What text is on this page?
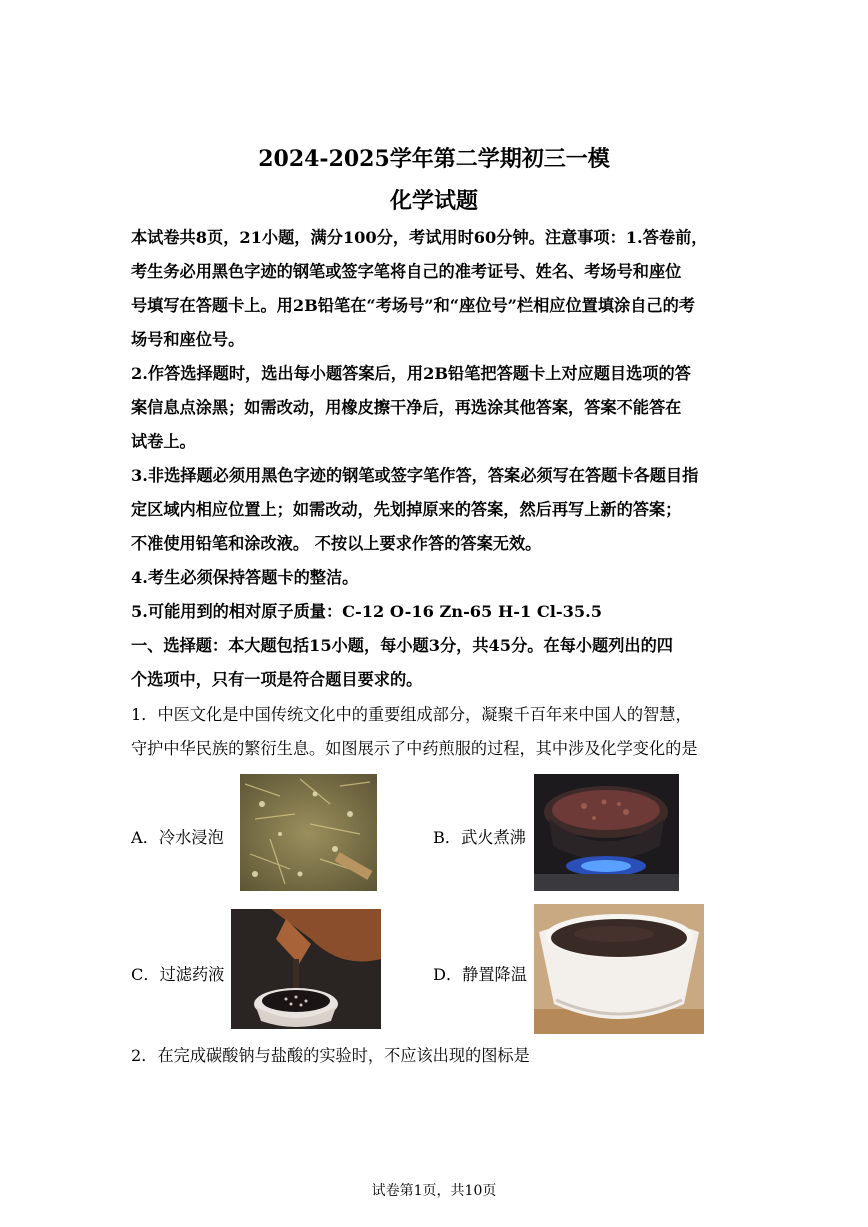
2024-2025学年第二学期初三一模
化学试题
本试卷共8页，21小题，满分100分，考试用时60分钟。注意事项：1.答卷前，
考生务必用黑色字迹的钢笔或签字笔将自己的准考证号、姓名、考场号和座位
号填写在答题卡上。用2B铅笔在“考场号”和“座位号”栏相应位置填涂自己的考
场号和座位号。
2.作答选择题时，选出每小题答案后，用2B铅笔把答题卡上对应题目选项的答
案信息点涂黑；如需改动，用橡皮擦干净后，再选涂其他答案，答案不能答在
试卷上。
3.非选择题必须用黑色字迹的钢笔或签字笔作答，答案必须写在答题卡各题目指
定区域内相应位置上；如需改动，先划掉原来的答案，然后再写上新的答案；
不准使用铅笔和涂改液。 不按以上要求作答的答案无效。
4.考生必须保持答题卡的整洁。
5.可能用到的相对原子质量：C-12 O-16 Zn-65 H-1 Cl-35.5
一、选择题：本大题包括15小题，每小题3分，共45分。在每小题列出的四
个选项中，只有一项是符合题目要求的。
1．中医文化是中国传统文化中的重要组成部分，凝聚千百年来中国人的智慧，
守护中华民族的繁衍生息。如图展示了中药煎服的过程，其中涉及化学变化的是
A．冷水浸泡	B．武火煮沸
C．过滤药液	D．静置降温
2．在完成碳酸钠与盐酸的实验时，不应该出现的图标是
试卷第1页，共10页
